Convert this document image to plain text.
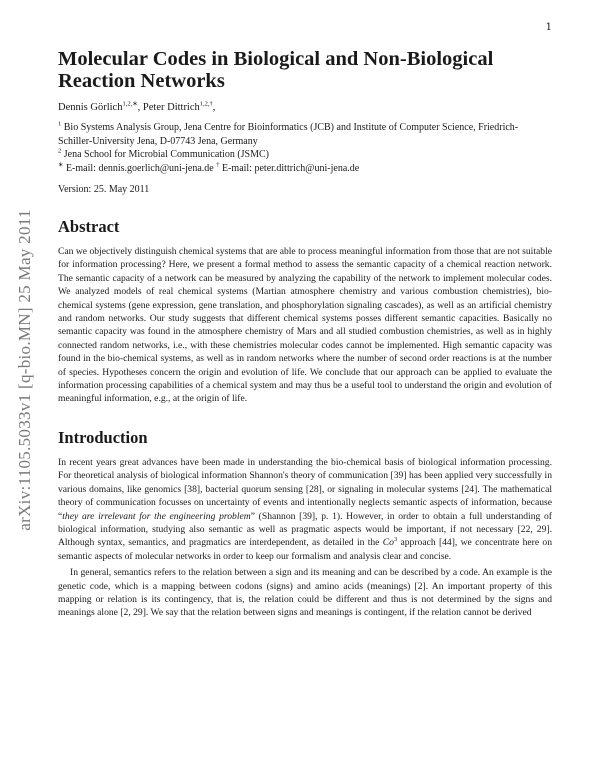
1
arXiv:1105.5033v1 [q-bio.MN] 25 May 2011
Molecular Codes in Biological and Non-Biological Reaction Networks
Dennis Görlich$^{1,2,∗}$, Peter Dittrich$^{1,2,\dagger}$,
$^1$ Bio Systems Analysis Group, Jena Centre for Bioinformatics (JCB) and Institute of Computer Science, Friedrich-Schiller-University Jena, D-07743 Jena, Germany
$^2$ Jena School for Microbial Communication (JSMC)
∗ E-mail: dennis.goerlich@uni-jena.de † E-mail: peter.dittrich@uni-jena.de
Version: 25. May 2011
Abstract

Can we objectively distinguish chemical systems that are able to process meaningful information from those that are not suitable for information processing? Here, we present a formal method to assess the semantic capacity of a chemical reaction network. The semantic capacity of a network can be measured by analyzing the capability of the network to implement molecular codes. We analyzed models of real chemical systems (Martian atmosphere chemistry and various combustion chemistries), bio-chemical systems (gene expression, gene translation, and phosphorylation signaling cascades), as well as an artificial chemistry and random networks. Our study suggests that different chemical systems posses different semantic capacities. Basically no semantic capacity was found in the atmosphere chemistry of Mars and all studied combustion chemistries, as well as in highly connected random networks, i.e., with these chemistries molecular codes cannot be implemented. High semantic capacity was found in the bio-chemical systems, as well as in random networks where the number of second order reactions is at the number of species. Hypotheses concern the origin and evolution of life. We conclude that our approach can be applied to evaluate the information processing capabilities of a chemical system and may thus be a useful tool to understand the origin and evolution of meaningful information, e.g., at the origin of life.

Introduction

In recent years great advances have been made in understanding the bio-chemical basis of biological information processing. For theoretical analysis of biological information Shannon's theory of communication [39] has been applied very successfully in various domains, like genomics [38], bacterial quorum sensing [28], or signaling in molecular systems [24]. The mathematical theory of communication focusses on uncertainty of events and intentionally neglects semantic aspects of information, because “they are irrelevant for the engineering problem” (Shannon [39], p. 1). However, in order to obtain a full understanding of biological information, studying also semantic as well as pragmatic aspects would be important, if not necessary [22, 29]. Although syntax, semantics, and pragmatics are interdependent, as detailed in the Co$^3$ approach [44], we concentrate here on semantic aspects of molecular networks in order to keep our formalism and analysis clear and concise.

In general, semantics refers to the relation between a sign and its meaning and can be described by a code. An example is the genetic code, which is a mapping between codons (signs) and amino acids (meanings) [2]. An important property of this mapping or relation is its contingency, that is, the relation could be different and thus is not determined by the signs and meanings alone [2, 29]. We say that the relation between signs and meanings is contingent, if the relation cannot be derived
